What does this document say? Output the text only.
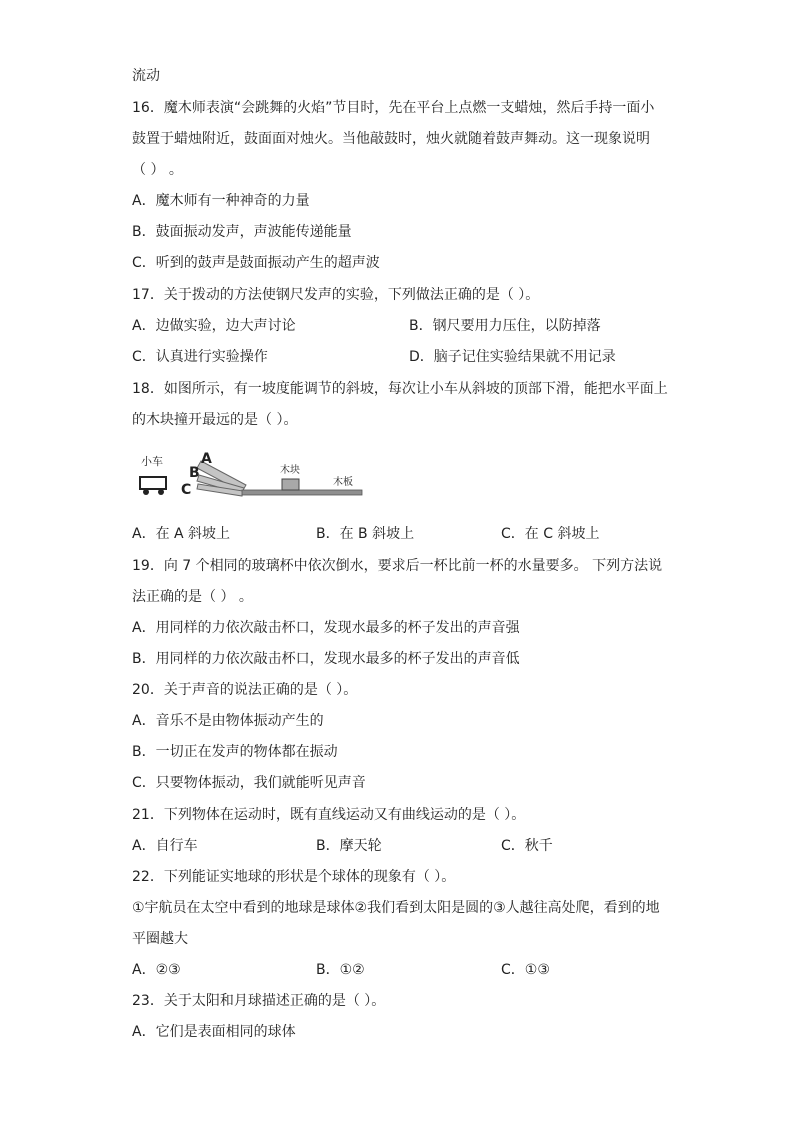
流动
16．魔木师表演“会跳舞的火焰”节目时，先在平台上点燃一支蜡烛，然后手持一面小
鼓置于蜡烛附近，鼓面面对烛火。当他敲鼓时，烛火就随着鼓声舞动。这一现象说明
（ ） 。
A．魔木师有一种神奇的力量
B．鼓面振动发声，声波能传递能量
C．听到的鼓声是鼓面振动产生的超声波
17．关于拨动的方法使钢尺发声的实验，下列做法正确的是（ ）。
A．边做实验，边大声讨论	B．钢尺要用力压住，以防掉落
C．认真进行实验操作	D．脑子记住实验结果就不用记录
18．如图所示，有一坡度能调节的斜坡，每次让小车从斜坡的顶部下滑，能把水平面上
的木块撞开最远的是（ ）。
小车	A
B
C
木块
木板
A．在 A 斜坡上	B．在 B 斜坡上	C．在 C 斜坡上
19．向 7 个相同的玻璃杯中依次倒水，要求后一杯比前一杯的水量要多。 下列方法说
法正确的是（ ） 。
A．用同样的力依次敲击杯口，发现水最多的杯子发出的声音强
B．用同样的力依次敲击杯口，发现水最多的杯子发出的声音低
20．关于声音的说法正确的是（ ）。
A．音乐不是由物体振动产生的
B．一切正在发声的物体都在振动
C．只要物体振动，我们就能听见声音
21．下列物体在运动时，既有直线运动又有曲线运动的是（ ）。
A．自行车	B．摩天轮	C．秋千
22．下列能证实地球的形状是个球体的现象有（ ）。
①宇航员在太空中看到的地球是球体②我们看到太阳是圆的③人越往高处爬，看到的地
平圈越大
A．②③	B．①②	C．①③
23．关于太阳和月球描述正确的是（ ）。
A．它们是表面相同的球体
